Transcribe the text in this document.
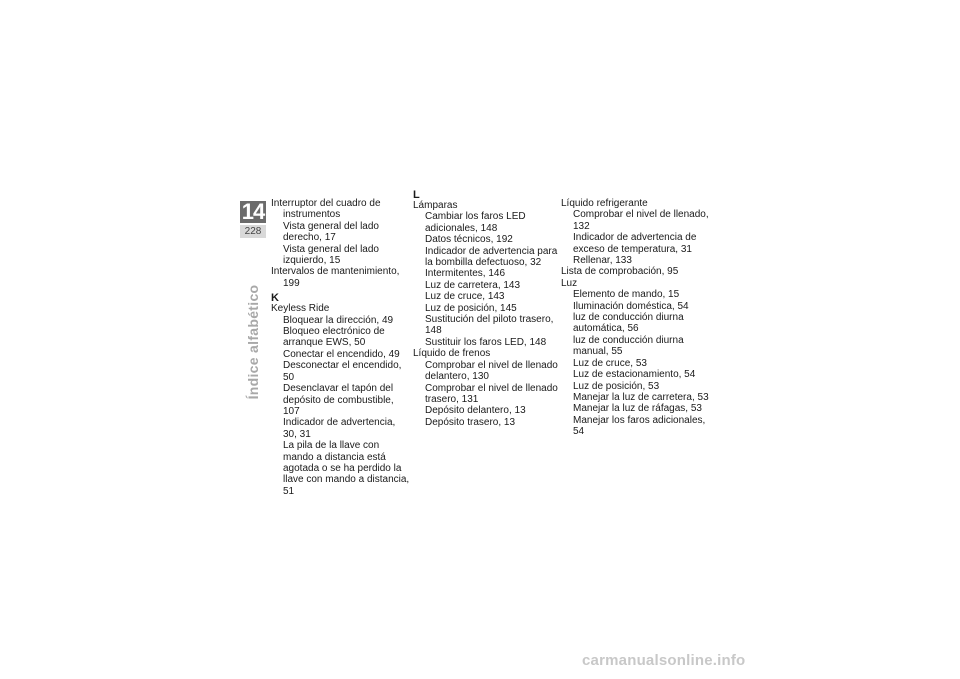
14
228
Índice alfabético
Interruptor del cuadro de instrumentos
Vista general del lado derecho, 17
Vista general del lado izquierdo, 15
Intervalos de mantenimiento, 199
K
Keyless Ride
Bloquear la dirección, 49
Bloqueo electrónico de arranque EWS, 50
Conectar el encendido, 49
Desconectar el encendido, 50
Desenclavar el tapón del depósito de combustible, 107
Indicador de advertencia, 30, 31
La pila de la llave con mando a distancia está agotada o se ha perdido la llave con mando a distancia, 51
L
Lámparas
Cambiar los faros LED adicionales, 148
Datos técnicos, 192
Indicador de advertencia para la bombilla defectuoso, 32
Intermitentes, 146
Luz de carretera, 143
Luz de cruce, 143
Luz de posición, 145
Sustitución del piloto trasero, 148
Sustituir los faros LED, 148
Líquido de frenos
Comprobar el nivel de llenado delantero, 130
Comprobar el nivel de llenado trasero, 131
Depósito delantero, 13
Depósito trasero, 13
Líquido refrigerante
Comprobar el nivel de llenado, 132
Indicador de advertencia de exceso de temperatura, 31
Rellenar, 133
Lista de comprobación, 95
Luz
Elemento de mando, 15
Iluminación doméstica, 54
luz de conducción diurna automática, 56
luz de conducción diurna manual, 55
Luz de cruce, 53
Luz de estacionamiento, 54
Luz de posición, 53
Manejar la luz de carretera, 53
Manejar la luz de ráfagas, 53
Manejar los faros adicionales, 54
carmanualsonline.info
